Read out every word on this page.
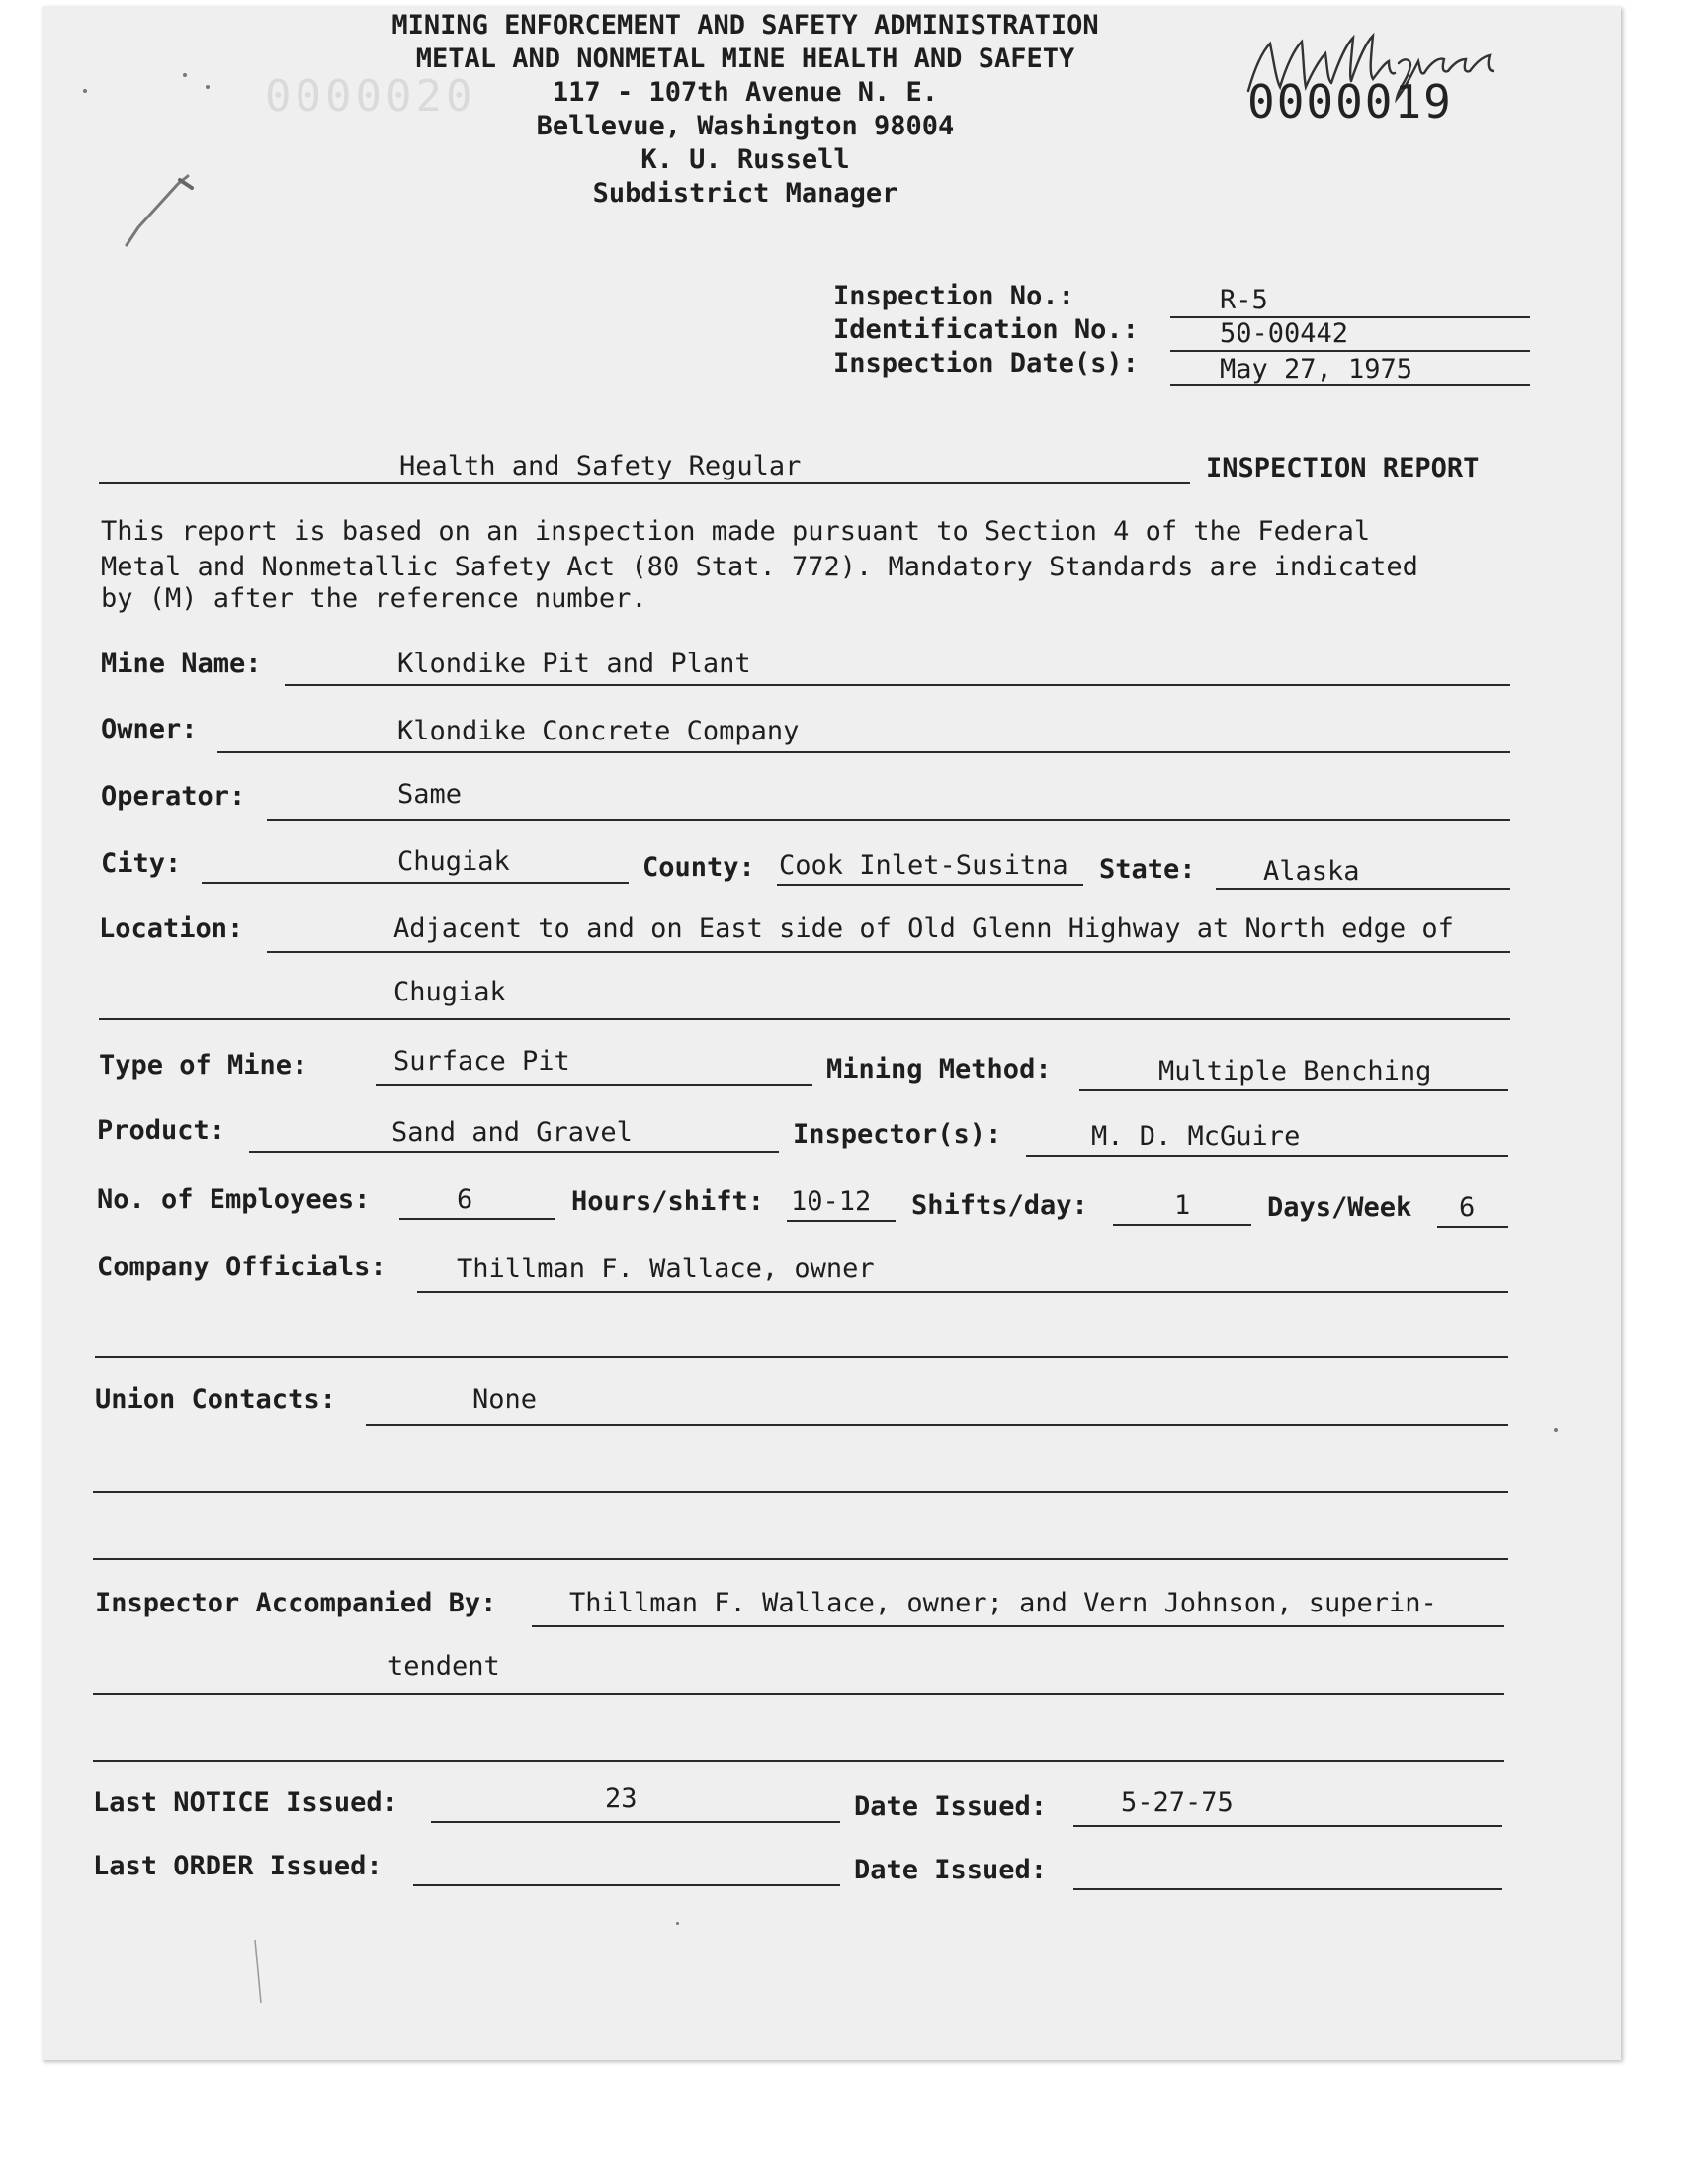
0000020	0000019
MINING ENFORCEMENT AND SAFETY ADMINISTRATION
METAL AND NONMETAL MINE HEALTH AND SAFETY
117 - 107th Avenue N. E.
Bellevue, Washington 98004
K. U. Russell
Subdistrict Manager
Inspection No.:	R-5
Identification No.:	50-00442
Inspection Date(s):	May 27, 1975
Health and Safety Regular	INSPECTION REPORT
This report is based on an inspection made pursuant to Section 4 of the Federal
Metal and Nonmetallic Safety Act (80 Stat. 772). Mandatory Standards are indicated
by (M) after the reference number.
Mine Name:	Klondike Pit and Plant
Owner:	Klondike Concrete Company
Operator:	Same
City:	Chugiak	County: Cook Inlet-Susitna State:	Alaska
Location:	Adjacent to and on East side of Old Glenn Highway at North edge of
Chugiak
Type of Mine:	Surface Pit	Mining Method:	Multiple Benching
Product:	Sand and Gravel	Inspector(s):	M. D. McGuire
No. of Employees:	6	Hours/shift: 10-12 Shifts/day:	1	Days/Week 6
Company Officials:	Thillman F. Wallace, owner
Union Contacts:	None
Inspector Accompanied By:	Thillman F. Wallace, owner; and Vern Johnson, superin-
tendent
Last NOTICE Issued:	23	Date Issued:	5-27-75
Last ORDER Issued:	Date Issued:
